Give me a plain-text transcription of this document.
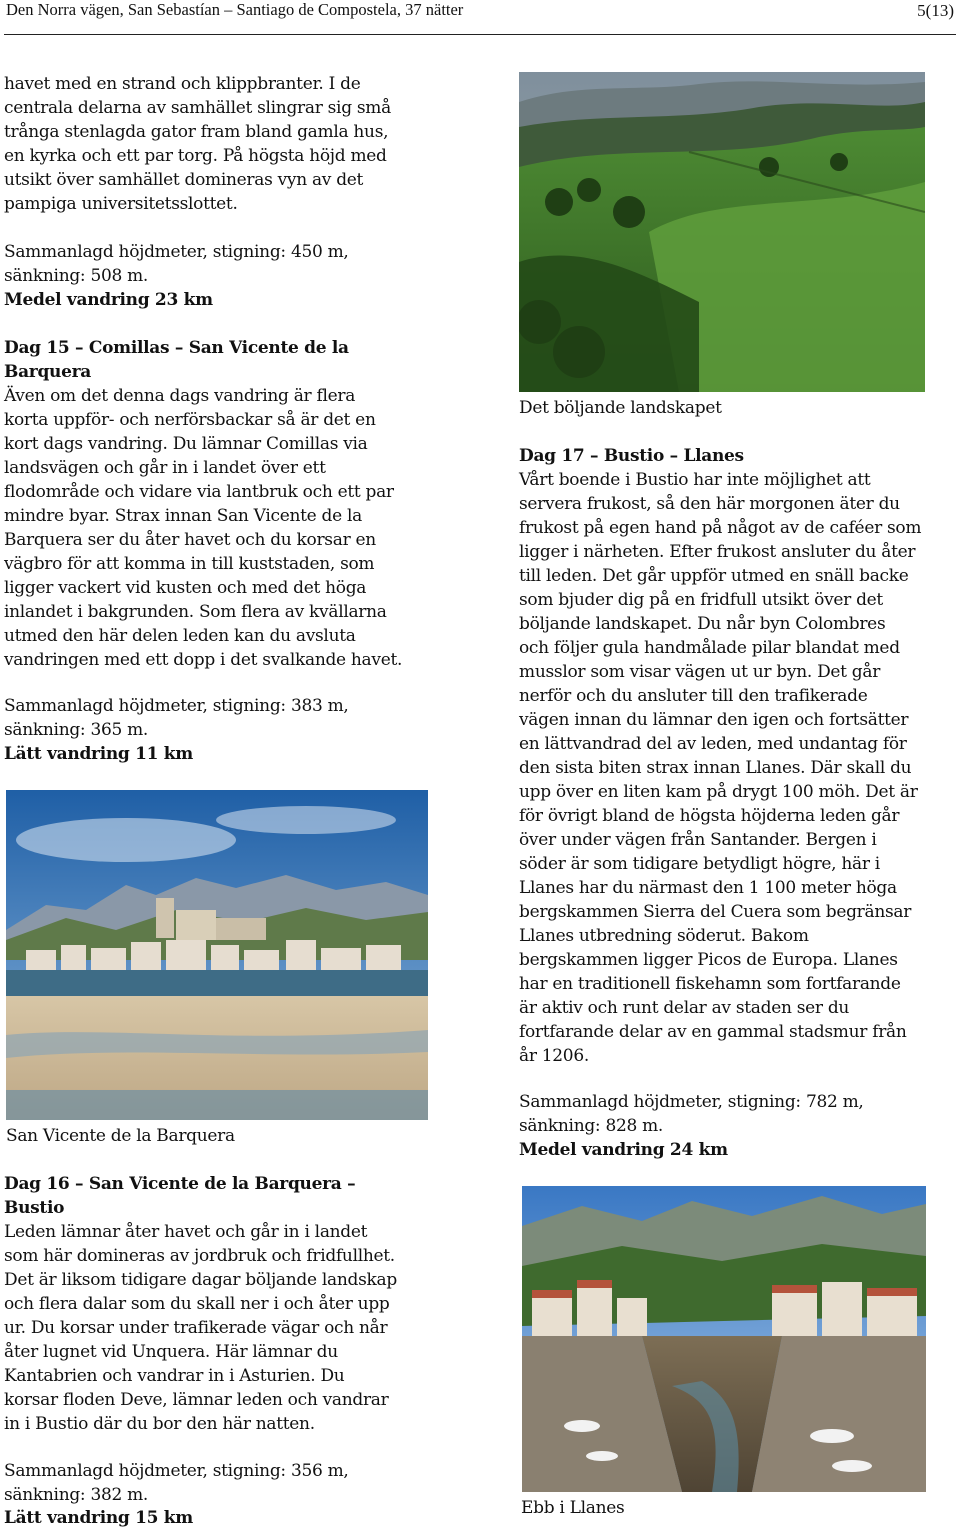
Den Norra vägen, San Sebastían – Santiago de Compostela, 37 nätter	5(13)

havet med en strand och klippbranter. I de
centrala delarna av samhället slingrar sig små
trånga stenlagda gator fram bland gamla hus,
en kyrka och ett par torg. På högsta höjd med
utsikt över samhället domineras vyn av det
pampiga universitetsslottet.

Sammanlagd höjdmeter, stigning: 450 m,
sänkning: 508 m.

Medel vandring 23 km

Dag 15 – Comillas – San Vicente de la
Barquera

Även om det denna dags vandring är flera
korta uppför- och nerförsbackar så är det en
kort dags vandring. Du lämnar Comillas via
landsvägen och går in i landet över ett
flodområde och vidare via lantbruk och ett par
mindre byar. Strax innan San Vicente de la
Barquera ser du åter havet och du korsar en
vägbro för att komma in till kuststaden, som
ligger vackert vid kusten och med det höga
inlandet i bakgrunden. Som flera av kvällarna
utmed den här delen leden kan du avsluta
vandringen med ett dopp i det svalkande havet.

Sammanlagd höjdmeter, stigning: 383 m,
sänkning: 365 m.

Lätt vandring 11 km

San Vicente de la Barquera

Dag 16 – San Vicente de la Barquera –
Bustio

Leden lämnar åter havet och går in i landet
som här domineras av jordbruk och fridfullhet.
Det är liksom tidigare dagar böljande landskap
och flera dalar som du skall ner i och åter upp
ur. Du korsar under trafikerade vägar och når
åter lugnet vid Unquera. Här lämnar du
Kantabrien och vandrar in i Asturien. Du
korsar floden Deve, lämnar leden och vandrar
in i Bustio där du bor den här natten.

Sammanlagd höjdmeter, stigning: 356 m,
sänkning: 382 m.

Lätt vandring 15 km

Det böljande landskapet

Dag 17 – Bustio – Llanes

Vårt boende i Bustio har inte möjlighet att
servera frukost, så den här morgonen äter du
frukost på egen hand på något av de caféer som
ligger i närheten. Efter frukost ansluter du åter
till leden. Det går uppför utmed en snäll backe
som bjuder dig på en fridfull utsikt över det
böljande landskapet. Du når byn Colombres
och följer gula handmålade pilar blandat med
musslor som visar vägen ut ur byn. Det går
nerför och du ansluter till den trafikerade
vägen innan du lämnar den igen och fortsätter
en lättvandrad del av leden, med undantag för
den sista biten strax innan Llanes. Där skall du
upp över en liten kam på drygt 100 möh. Det är
för övrigt bland de högsta höjderna leden går
över under vägen från Santander. Bergen i
söder är som tidigare betydligt högre, här i
Llanes har du närmast den 1 100 meter höga
bergskammen Sierra del Cuera som begränsar
Llanes utbredning söderut. Bakom
bergskammen ligger Picos de Europa. Llanes
har en traditionell fiskehamn som fortfarande
är aktiv och runt delar av staden ser du
fortfarande delar av en gammal stadsmur från
år 1206.

Sammanlagd höjdmeter, stigning: 782 m,
sänkning: 828 m.

Medel vandring 24 km

Ebb i Llanes
